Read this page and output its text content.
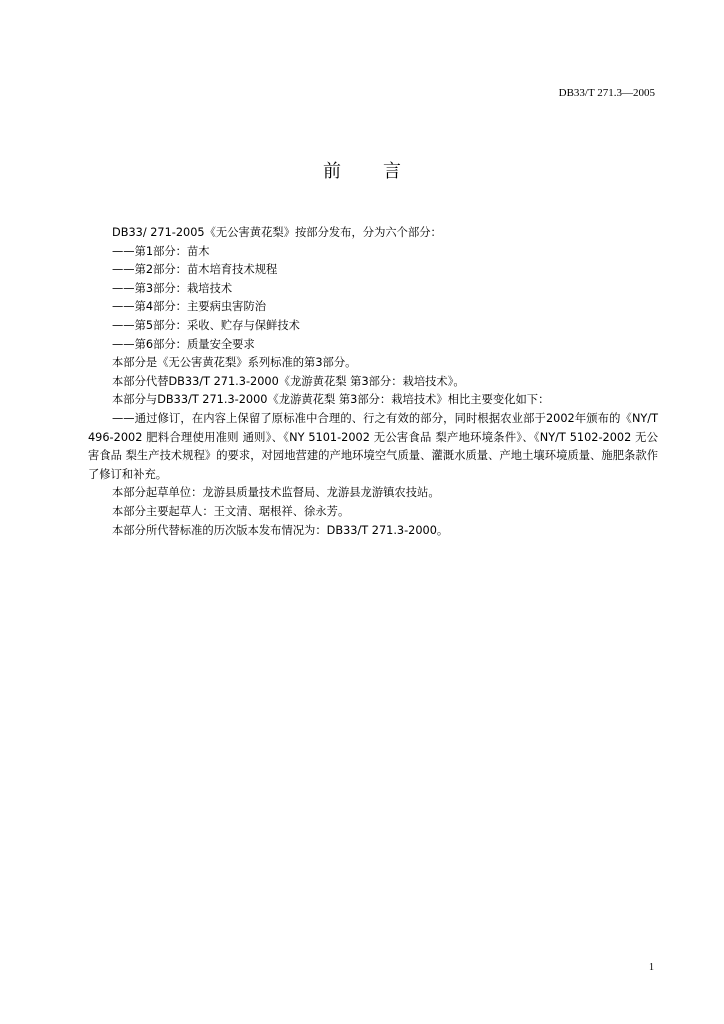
DB33/T 271.3—2005
前　言
DB33/ 271-2005《无公害黄花梨》按部分发布，分为六个部分：
——第1部分：苗木
——第2部分：苗木培育技术规程
——第3部分：栽培技术
——第4部分：主要病虫害防治
——第5部分：采收、贮存与保鲜技术
——第6部分：质量安全要求
本部分是《无公害黄花梨》系列标准的第3部分。
本部分代替DB33/T 271.3-2000《龙游黄花梨 第3部分：栽培技术》。
本部分与DB33/T 271.3-2000《龙游黄花梨 第3部分：栽培技术》相比主要变化如下：
——通过修订，在内容上保留了原标准中合理的、行之有效的部分，同时根据农业部于2002年颁布的《NY/T 496-2002 肥料合理使用准则 通则》、《NY 5101-2002 无公害食品 梨产地环境条件》、《NY/T 5102-2002 无公害食品 梨生产技术规程》的要求，对园地营建的产地环境空气质量、灌溉水质量、产地土壤环境质量、施肥条款作了修订和补充。
本部分起草单位：龙游县质量技术监督局、龙游县龙游镇农技站。
本部分主要起草人：王文清、琚根祥、徐永芳。
本部分所代替标准的历次版本发布情况为：DB33/T 271.3-2000。
1
